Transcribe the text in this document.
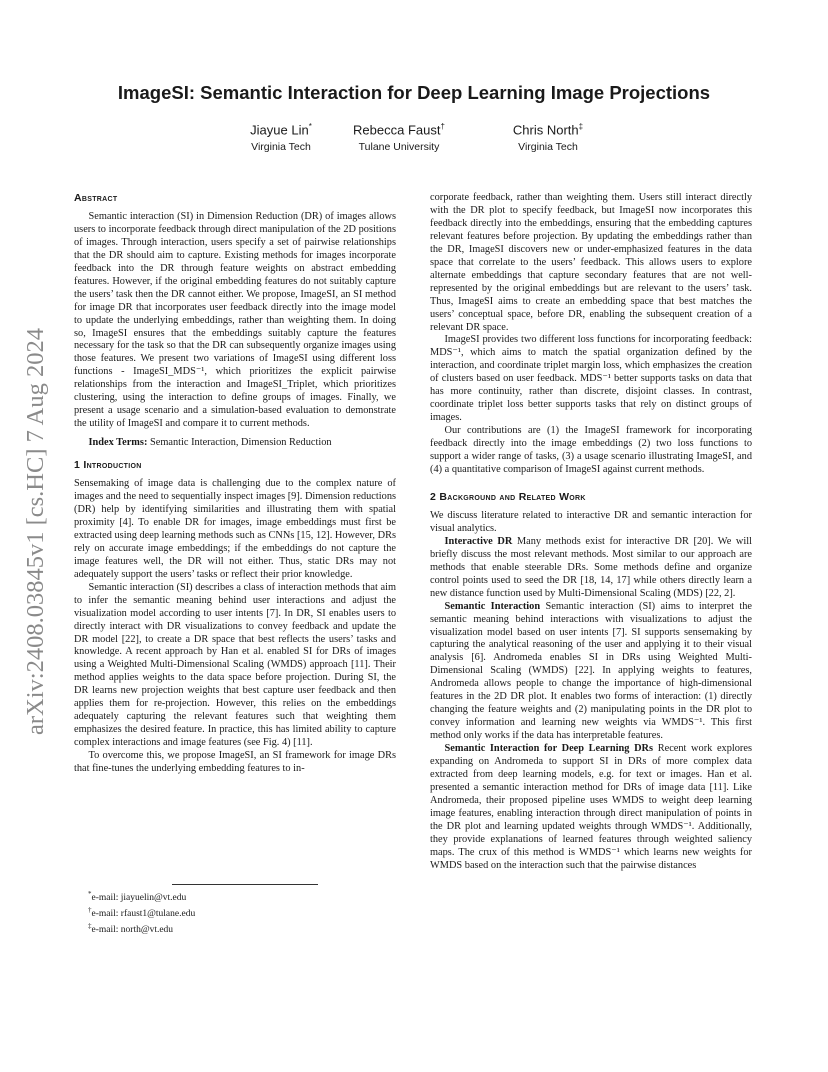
ImageSI: Semantic Interaction for Deep Learning Image Projections
Jiayue Lin*
Virginia Tech
Rebecca Faust†
Tulane University
Chris North‡
Virginia Tech
arXiv:2408.03845v1 [cs.HC] 7 Aug 2024
Abstract

Semantic interaction (SI) in Dimension Reduction (DR) of images allows users to incorporate feedback through direct manipulation of the 2D positions of images. Through interaction, users specify a set of pairwise relationships that the DR should aim to capture. Existing methods for images incorporate feedback into the DR through feature weights on abstract embedding features. However, if the original embedding features do not suitably capture the users’ task then the DR cannot either. We propose, ImageSI, an SI method for image DR that incorporates user feedback directly into the image model to update the underlying embeddings, rather than weighting them. In doing so, ImageSI ensures that the embeddings suitably capture the features necessary for the task so that the DR can subsequently organize images using those features. We present two variations of ImageSI using different loss functions - ImageSI_MDS⁻¹, which prioritizes the explicit pairwise relationships from the interaction and ImageSI_Triplet, which prioritizes clustering, using the interaction to define groups of images. Finally, we present a usage scenario and a simulation-based evaluation to demonstrate the utility of ImageSI and compare it to current methods.

Index Terms: Semantic Interaction, Dimension Reduction

1 Introduction

Sensemaking of image data is challenging due to the complex nature of images and the need to sequentially inspect images [9]. Dimension reductions (DR) help by identifying similarities and illustrating them with spatial proximity [4]. To enable DR for images, image embeddings must first be extracted using deep learning methods such as CNNs [15, 12]. However, DRs rely on accurate image embeddings; if the embeddings do not capture the image features well, the DR will not either. Thus, static DRs may not adequately support the users’ tasks or reflect their prior knowledge.

Semantic interaction (SI) describes a class of interaction methods that aim to infer the semantic meaning behind user interactions and adjust the visualization model according to user intents [7]. In DR, SI enables users to directly interact with DR visualizations to convey feedback and update the DR model [22], to create a DR space that best reflects the users’ tasks and knowledge. A recent approach by Han et al. enabled SI for DRs of images using a Weighted Multi-Dimensional Scaling (WMDS) approach [11]. Their method applies weights to the data space before projection. During SI, the DR learns new projection weights that best capture user feedback and then applies them for re-projection. However, this relies on the embeddings adequately capturing the relevant features such that weighting them emphasizes the desired feature. In practice, this has limited ability to capture complex interactions and image features (see Fig. 4) [11].

To overcome this, we propose ImageSI, an SI framework for image DRs that fine-tunes the underlying embedding features to in-

*e-mail: jiayuelin@vt.edu
†e-mail: rfaust1@tulane.edu
‡e-mail: north@vt.edu

corporate feedback, rather than weighting them. Users still interact directly with the DR plot to specify feedback, but ImageSI now incorporates this feedback directly into the embeddings, ensuring that the embedding captures relevant features before projection. By updating the embeddings rather than the DR, ImageSI discovers new or under-emphasized features in the data space that correlate to the users’ feedback. This allows users to explore alternate embeddings that capture secondary features that are not well-represented by the original embeddings but are relevant to the users’ task. Thus, ImageSI aims to create an embedding space that best matches the users’ conceptual space, before DR, enabling the subsequent creation of a relevant DR space.

ImageSI provides two different loss functions for incorporating feedback: MDS⁻¹, which aims to match the spatial organization defined by the interaction, and coordinate triplet margin loss, which emphasizes the creation of clusters based on user feedback. MDS⁻¹ better supports tasks on data that has more continuity, rather than discrete, disjoint classes. In contrast, coordinate triplet loss better supports tasks that rely on distinct groups of images.

Our contributions are (1) the ImageSI framework for incorporating feedback directly into the image embeddings (2) two loss functions to support a wider range of tasks, (3) a usage scenario illustrating ImageSI, and (4) a quantitative comparison of ImageSI against current methods.

2 Background and Related Work

We discuss literature related to interactive DR and semantic interaction for visual analytics.

Interactive DR Many methods exist for interactive DR [20]. We will briefly discuss the most relevant methods. Most similar to our approach are methods that enable steerable DRs. Some methods define and organize control points used to seed the DR [18, 14, 17] while others directly learn a new distance function used by Multi-Dimensional Scaling (MDS) [22, 2].

Semantic Interaction Semantic interaction (SI) aims to interpret the semantic meaning behind interactions with visualizations to adjust the visualization model based on user intents [7]. SI supports sensemaking by capturing the analytical reasoning of the user and applying it to their visual analysis [6]. Andromeda enables SI in DRs using Weighted Multi-Dimensional Scaling (WMDS) [22]. In applying weights to features, Andromeda allows people to change the importance of high-dimensional features in the 2D DR plot. It enables two forms of interaction: (1) directly changing the feature weights and (2) manipulating points in the DR plot to convey information and learning new weights via WMDS⁻¹. This first method only works if the data has interpretable features.

Semantic Interaction for Deep Learning DRs Recent work explores expanding on Andromeda to support SI in DRs of more complex data extracted from deep learning models, e.g. for text or images. Han et al. presented a semantic interaction method for DRs of image data [11]. Like Andromeda, their proposed pipeline uses WMDS to weight deep learning image features, enabling interaction through direct manipulation of points in the DR plot and learning updated weights through WMDS⁻¹. Additionally, they provide explanations of learned features through weighted saliency maps. The crux of this method is WMDS⁻¹ which learns new weights for WMDS based on the interaction such that the pairwise distances
